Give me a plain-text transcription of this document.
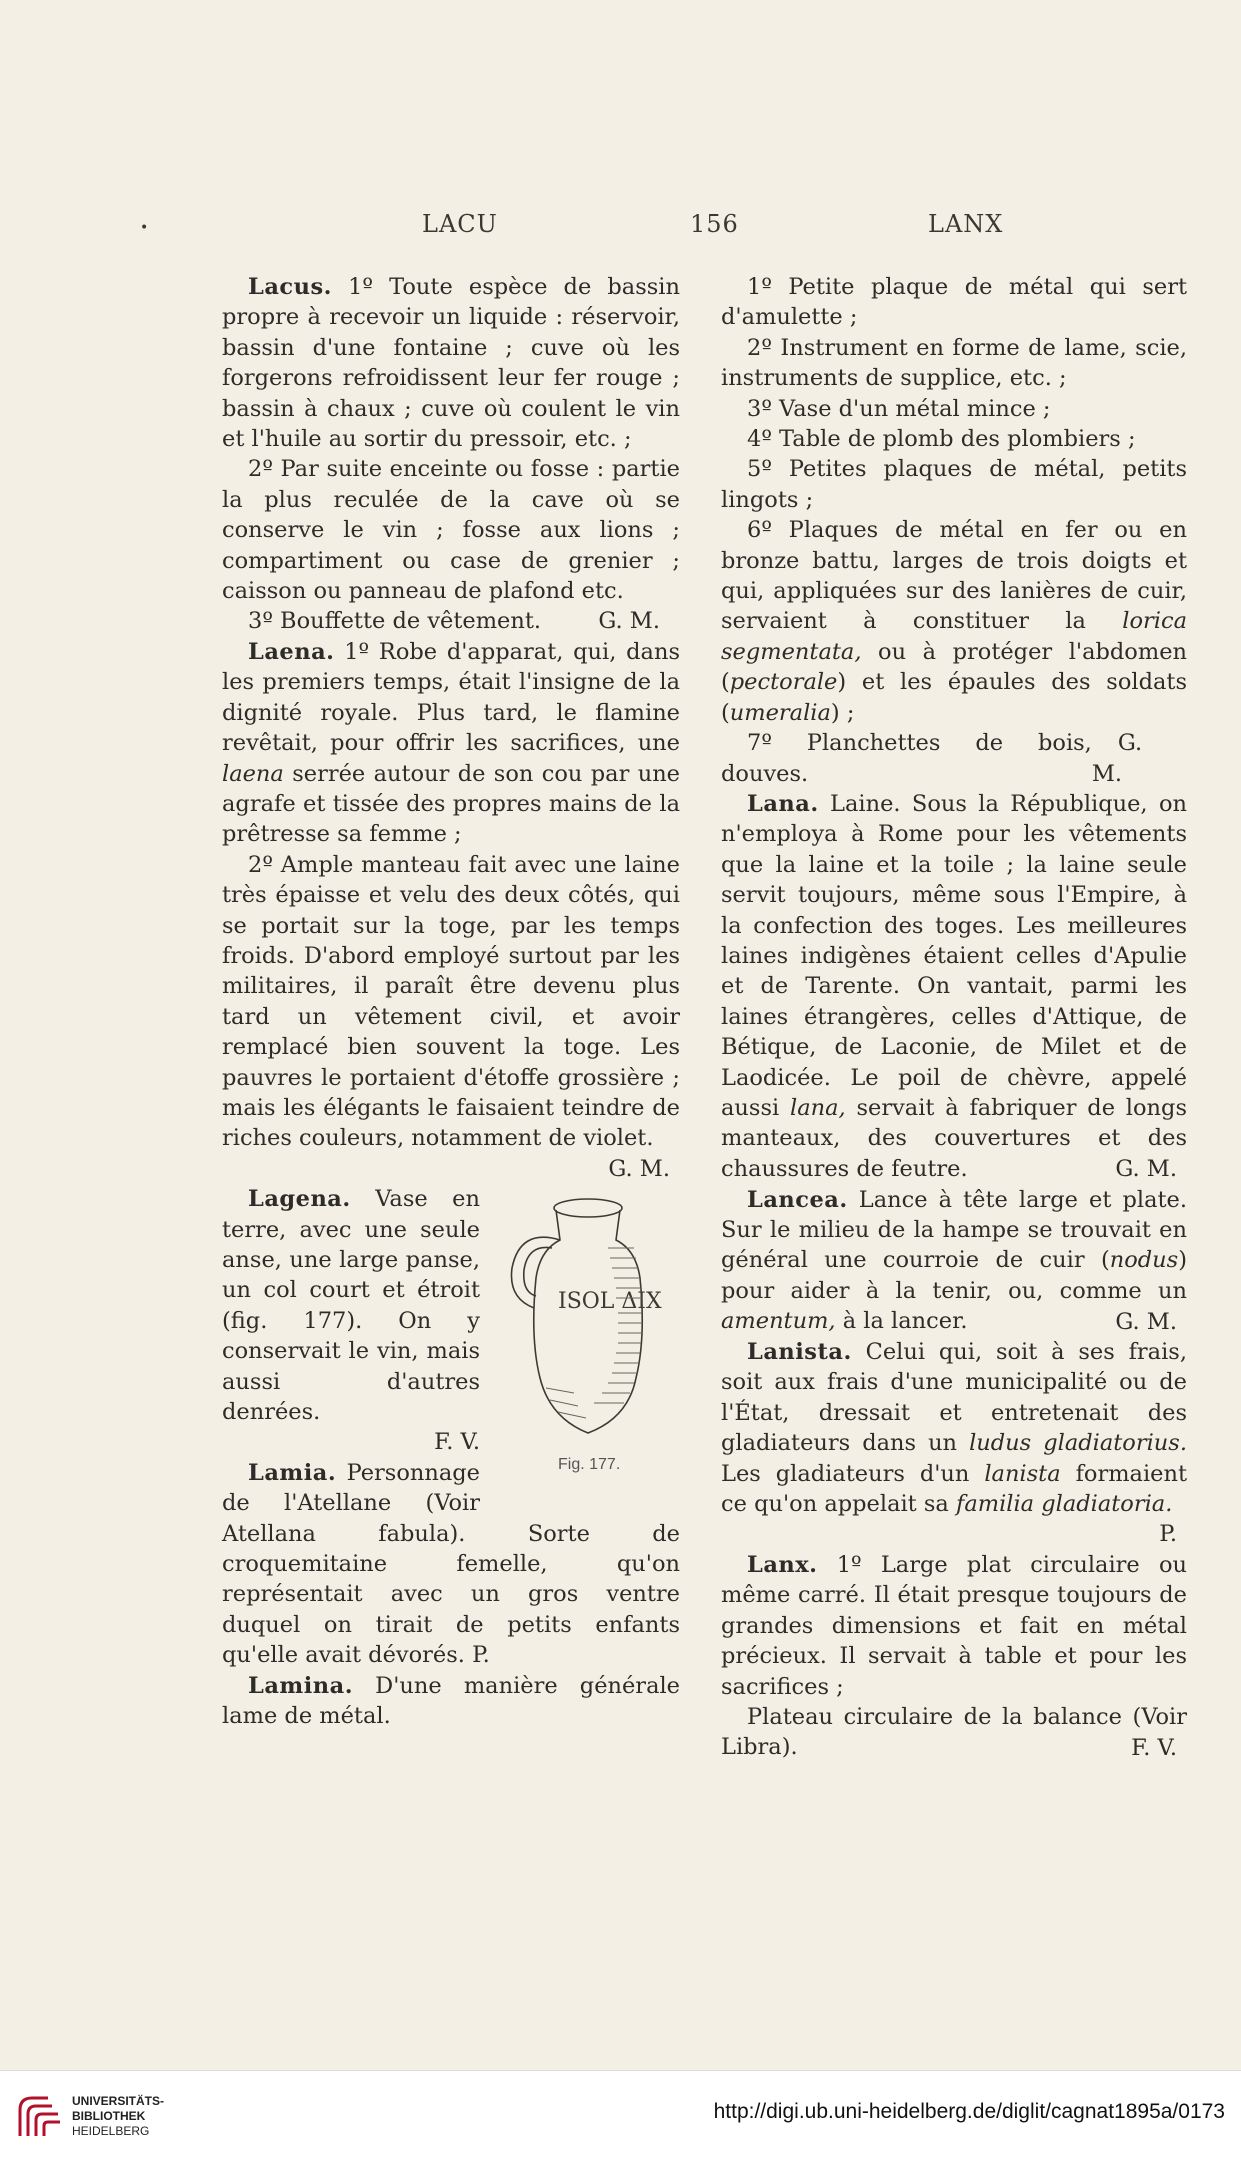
•	LACU	156	LANX

Lacus. 1º Toute espèce de bassin propre à recevoir un liquide : réservoir, bassin d'une fontaine ; cuve où les forgerons refroidissent leur fer rouge ; bassin à chaux ; cuve où coulent le vin et l'huile au sortir du pressoir, etc. ;

2º Par suite enceinte ou fosse : partie la plus reculée de la cave où se conserve le vin ; fosse aux lions ; compartiment ou case de grenier ; caisson ou panneau de plafond etc.

3º Bouffette de vêtement.	G. M.

Laena. 1º Robe d'apparat, qui, dans les premiers temps, était l'insigne de la dignité royale. Plus tard, le flamine revêtait, pour offrir les sacrifices, une laena serrée autour de son cou par une agrafe et tissée des propres mains de la prêtresse sa femme ;

2º Ample manteau fait avec une laine très épaisse et velu des deux côtés, qui se portait sur la toge, par les temps froids. D'abord employé surtout par les militaires, il paraît être devenu plus tard un vêtement civil, et avoir remplacé bien souvent la toge. Les pauvres le portaient d'étoffe grossière ; mais les élégants le faisaient teindre de riches couleurs, notamment de violet.

G. M.

ISOL ΔΙX
Fig. 177.
Lagena. Vase en terre, avec une seule anse, une large panse, un col court et étroit (fig. 177). On y conservait le vin, mais aussi d'autres denrées.
F. V.
Lamia. Personnage de l'Atellane (Voir Atellana fabula). Sorte de croquemitaine femelle, qu'on représentait avec un gros ventre duquel on tirait de petits enfants qu'elle avait dévorés. P.

Lamina. D'une manière générale lame de métal.

1º Petite plaque de métal qui sert d'amulette ;

2º Instrument en forme de lame, scie, instruments de supplice, etc. ;

3º Vase d'un métal mince ;

4º Table de plomb des plombiers ;

5º Petites plaques de métal, petits lingots ;

6º Plaques de métal en fer ou en bronze battu, larges de trois doigts et qui, appliquées sur des lanières de cuir, servaient à constituer la lorica segmentata, ou à protéger l'abdomen (pectorale) et les épaules des soldats (umeralia) ;

7º Planchettes de bois, douves.
G. M.

Lana. Laine. Sous la République, on n'employa à Rome pour les vêtements que la laine et la toile ; la laine seule servit toujours, même sous l'Empire, à la confection des toges. Les meilleures laines indigènes étaient celles d'Apulie et de Tarente. On vantait, parmi les laines étrangères, celles d'Attique, de Bétique, de Laconie, de Milet et de Laodicée. Le poil de chèvre, appelé aussi lana, servait à fabriquer de longs manteaux, des couvertures et des chaussures de feutre.	G. M.

Lancea. Lance à tête large et plate. Sur le milieu de la hampe se trouvait en général une courroie de cuir (nodus) pour aider à la tenir, ou, comme un amentum, à la lancer.	G. M.

Lanista. Celui qui, soit à ses frais, soit aux frais d'une municipalité ou de l'État, dressait et entretenait des gladiateurs dans un ludus gladiatorius. Les gladiateurs d'un lanista formaient ce qu'on appelait sa familia gladiatoria.

P.

Lanx. 1º Large plat circulaire ou même carré. Il était presque toujours de grandes dimensions et fait en métal précieux. Il servait à table et pour les sacrifices ;

Plateau circulaire de la balance (Voir Libra).	F. V.

UNIVERSITÄTS-
BIBLIOTHEK
HEIDELBERG
http://digi.ub.uni-heidelberg.de/diglit/cagnat1895a/0173
